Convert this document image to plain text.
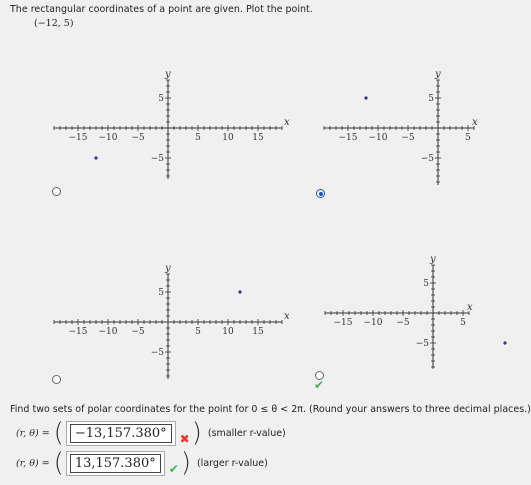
The rectangular coordinates of a point are given. Plot the point.
(−12, 5)
x
y
−15 −10 −5	5 10 15
5
−5
x
y
−15 −10 −5	5
5
−5
x
y
−15 −10 −5	5 10 15
5
−5
x
y
−15 −10 −5	5
5
−5
✔
Find two sets of polar coordinates for the point for 0 ≤ θ < 2π. (Round your answers to three decimal places.)
(r, θ) = ( −13,157.380°	✖ ) (smaller r-value)
(r, θ) = ( 13,157.380°	✔ ) (larger r-value)
